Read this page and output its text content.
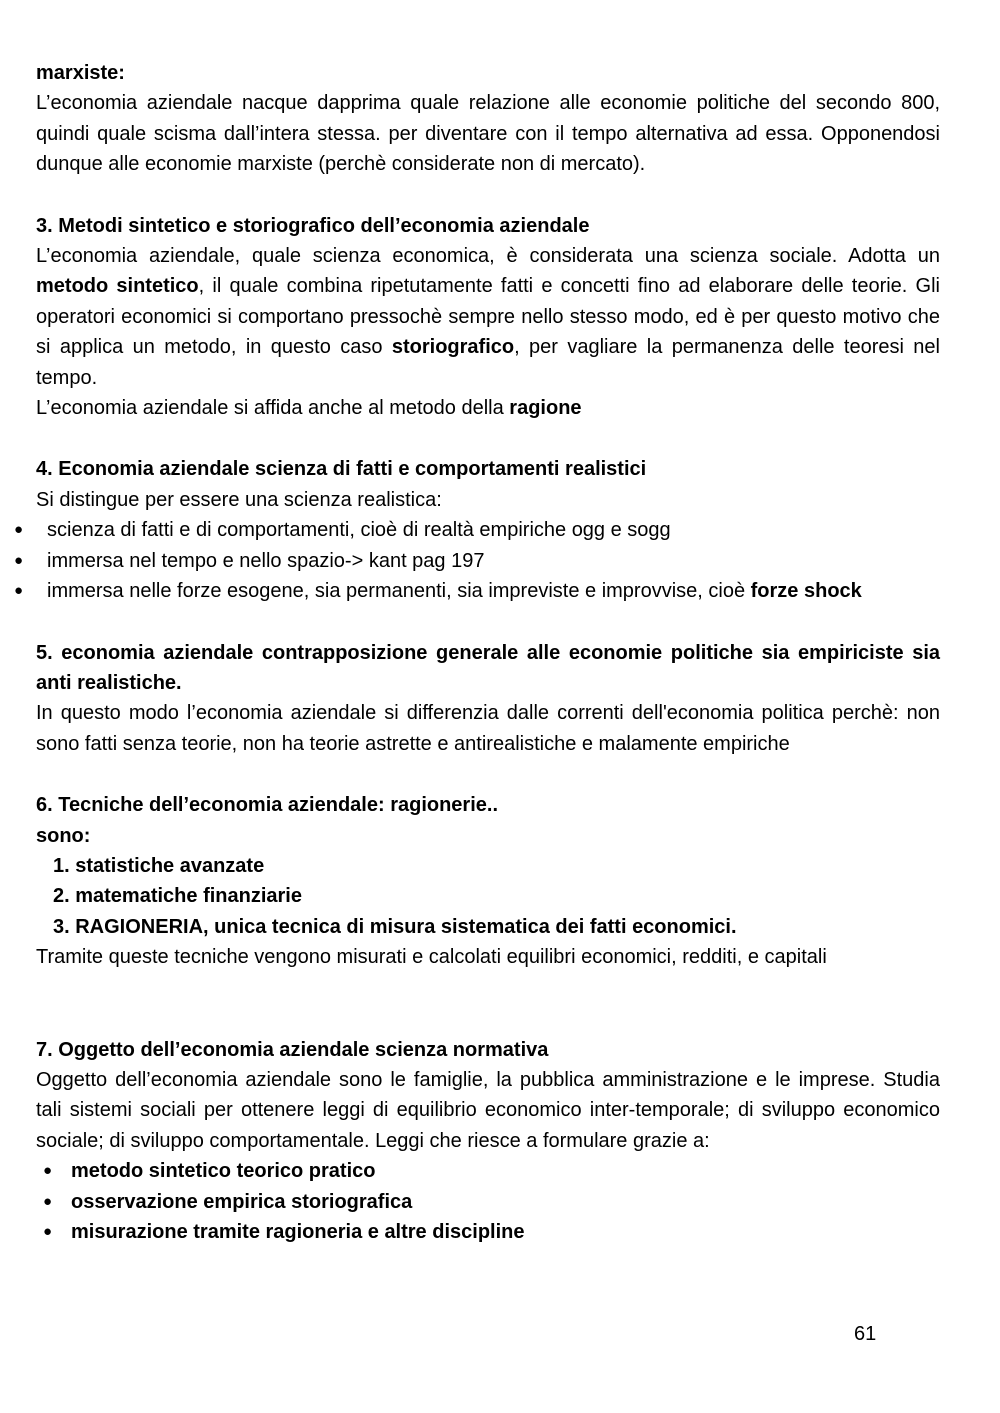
marxiste:

L’economia aziendale nacque dapprima quale relazione alle economie politiche del secondo 800, quindi quale scisma dall’intera stessa. per diventare con il tempo alternativa ad essa. Opponendosi dunque alle economie marxiste (perchè considerate non di mercato).

3. Metodi sintetico e storiografico dell’economia aziendale

L’economia aziendale, quale scienza economica, è considerata una scienza sociale. Adotta un metodo sintetico, il quale combina ripetutamente fatti e concetti fino ad elaborare delle teorie. Gli operatori economici si comportano pressochè sempre nello stesso modo, ed è per questo motivo che si applica un metodo, in questo caso storiografico, per vagliare la permanenza delle teoresi nel tempo.

L’economia aziendale si affida anche al metodo della ragione

4. Economia aziendale scienza di fatti e comportamenti realistici

Si distingue per essere una scienza realistica:

● scienza di fatti e di comportamenti, cioè di realtà empiriche ogg e sogg
● immersa nel tempo e nello spazio-> kant pag 197
● immersa nelle forze esogene, sia permanenti, sia impreviste e improvvise, cioè forze shock

5. economia aziendale contrapposizione generale alle economie politiche sia empiriciste sia anti realistiche.

In questo modo l’economia aziendale si differenzia dalle correnti dell'economia politica perchè: non sono fatti senza teorie, non ha teorie astrette e antirealistiche e malamente empiriche

6. Tecniche dell’economia aziendale: ragionerie..

sono:

1. statistiche avanzate
2. matematiche finanziarie
3. RAGIONERIA, unica tecnica di misura sistematica dei fatti economici.

Tramite queste tecniche vengono misurati e calcolati equilibri economici, redditi, e capitali

7. Oggetto dell’economia aziendale scienza normativa

Oggetto dell’economia aziendale sono le famiglie, la pubblica amministrazione e le imprese. Studia tali sistemi sociali per ottenere leggi di equilibrio economico inter-temporale; di sviluppo economico sociale; di sviluppo comportamentale. Leggi che riesce a formulare grazie a:

● metodo sintetico teorico pratico
● osservazione empirica storiografica
● misurazione tramite ragioneria e altre discipline
61
